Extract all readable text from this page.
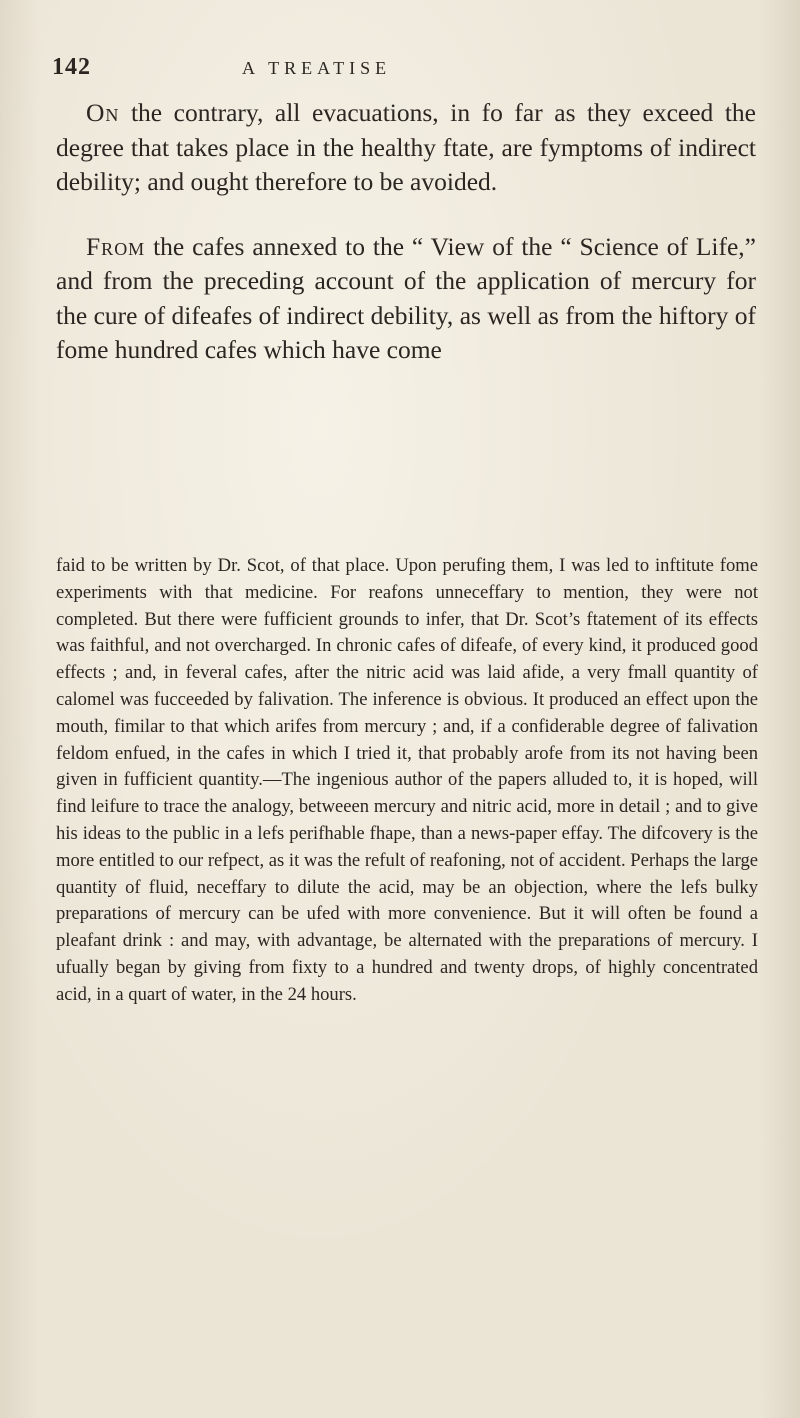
142	A TREATISE

On the contrary, all evacuations, in fo far as they exceed the degree that takes place in the healthy ftate, are fymptoms of indirect debility; and ought therefore to be avoided.

From the cafes annexed to the “ View of the “ Science of Life,” and from the preceding account of the application of mercury for the cure of difeafes of indirect debility, as well as from the hiftory of fome hundred cafes which have come

faid to be written by Dr. Scot, of that place. Upon perufing them, I was led to inftitute fome experiments with that medicine. For reafons unneceffary to mention, they were not completed. But there were fufficient grounds to infer, that Dr. Scot’s ftatement of its effects was faithful, and not overcharged. In chronic cafes of difeafe, of every kind, it produced good effects ; and, in feveral cafes, after the nitric acid was laid afide, a very fmall quantity of calomel was fucceeded by falivation. The inference is obvious. It produced an effect upon the mouth, fimilar to that which arifes from mercury ; and, if a confiderable degree of falivation feldom enfued, in the cafes in which I tried it, that probably arofe from its not having been given in fufficient quantity.—The ingenious author of the papers alluded to, it is hoped, will find leifure to trace the analogy, betweeen mercury and nitric acid, more in detail ; and to give his ideas to the public in a lefs perifhable fhape, than a news-paper effay. The difcovery is the more entitled to our refpect, as it was the refult of reafoning, not of accident. Perhaps the large quantity of fluid, neceffary to dilute the acid, may be an objection, where the lefs bulky preparations of mercury can be ufed with more convenience. But it will often be found a pleafant drink : and may, with advantage, be alternated with the preparations of mercury. I ufually began by giving from fixty to a hundred and twenty drops, of highly concentrated acid, in a quart of water, in the 24 hours.
